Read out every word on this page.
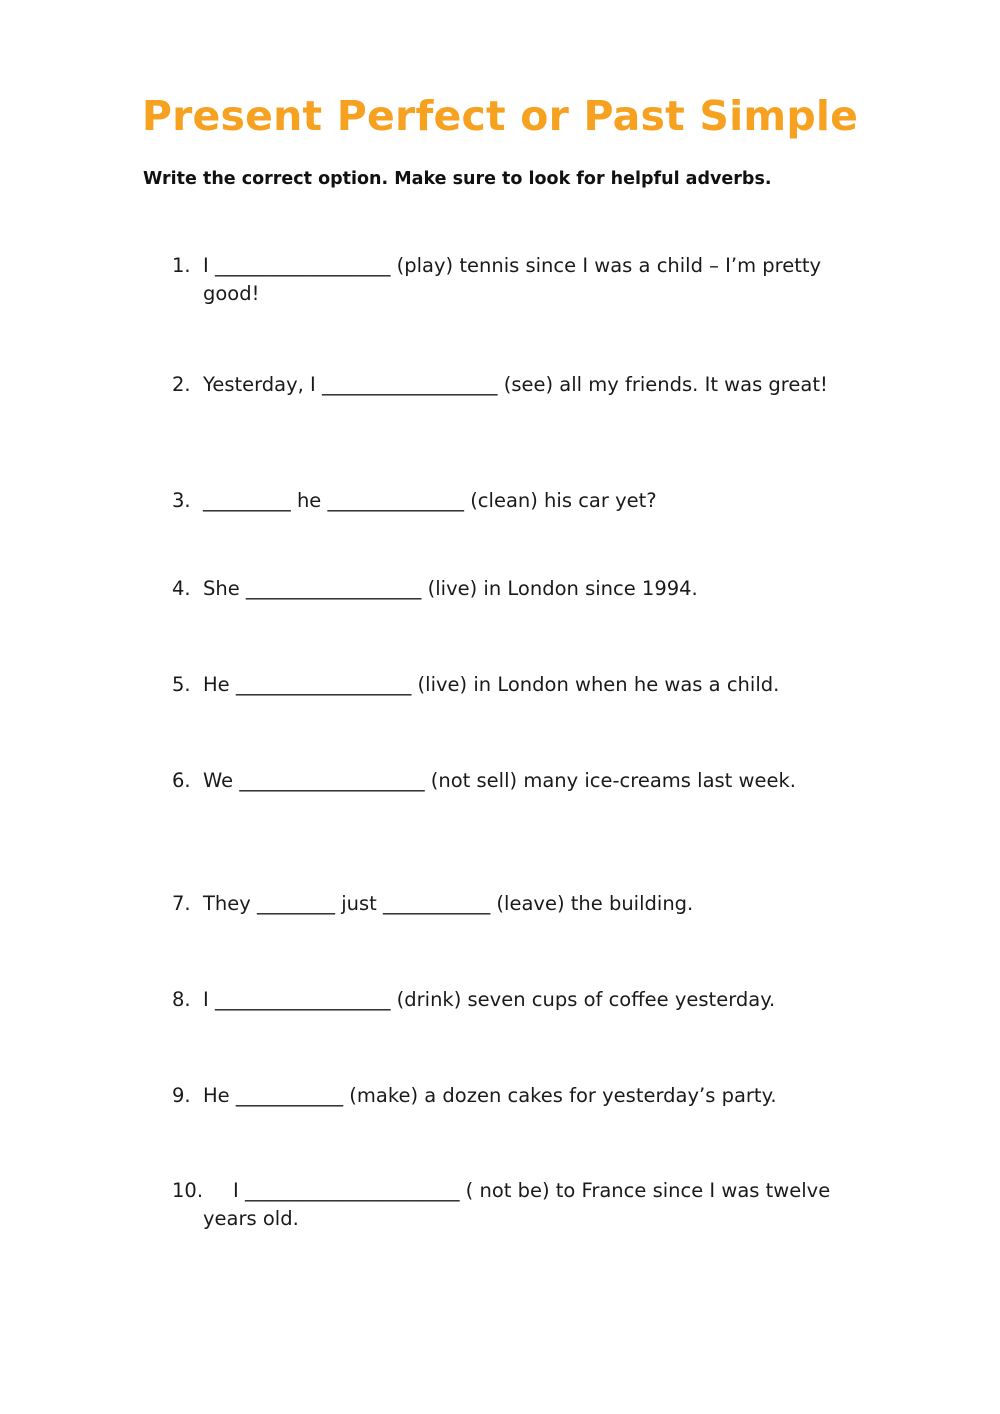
Present Perfect or Past Simple
Write the correct option. Make sure to look for helpful adverbs.
1. I __________________ (play) tennis since I was a child – I’m pretty good!
2. Yesterday, I __________________ (see) all my friends. It was great!
3. _________ he ______________ (clean) his car yet?
4. She __________________ (live) in London since 1994.
5. He __________________ (live) in London when he was a child.
6. We ___________________ (not sell) many ice-creams last week.
7. They ________ just ___________ (leave) the building.
8. I __________________ (drink) seven cups of coffee yesterday.
9. He ___________ (make) a dozen cakes for yesterday’s party.
10.	I ______________________ ( not be) to France since I was twelve years old.
